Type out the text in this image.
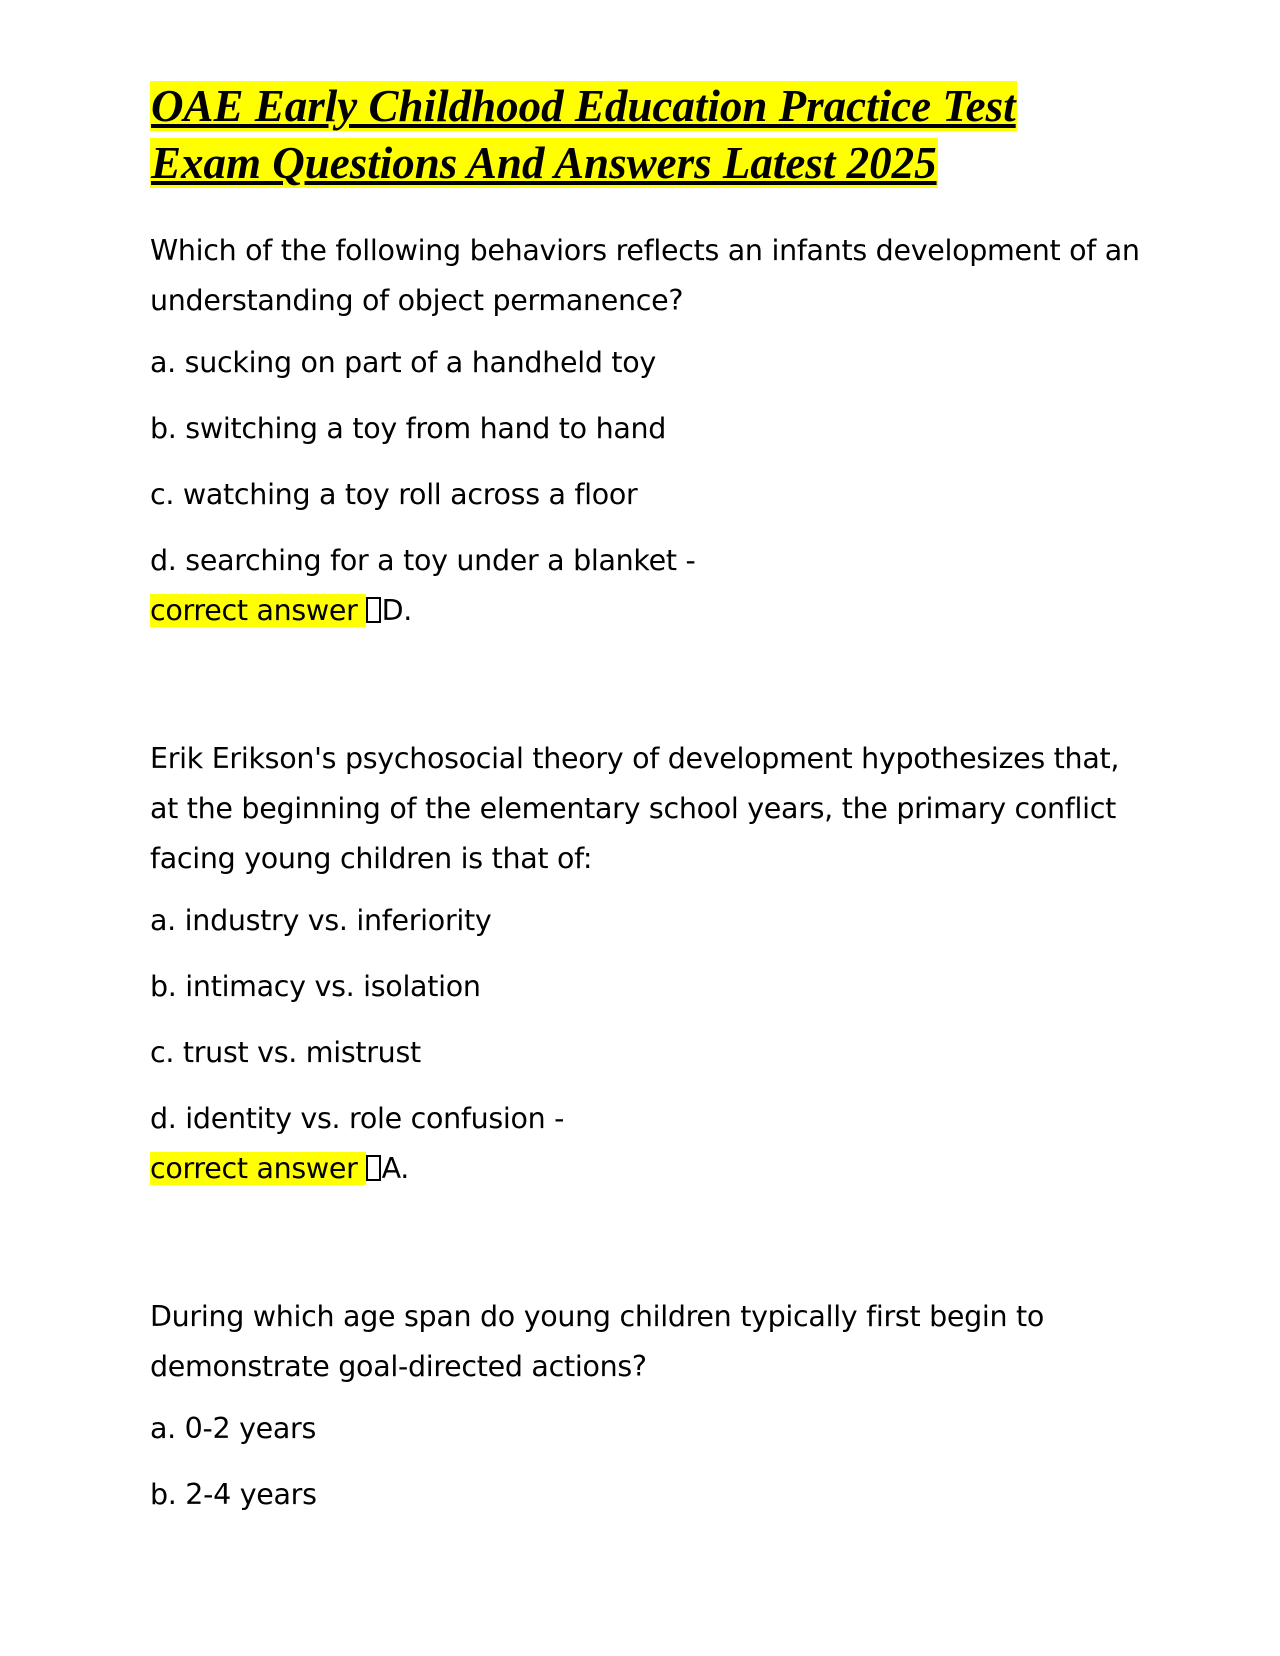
OAE Early Childhood Education Practice Test
Exam Questions And Answers Latest 2025

Which of the following behaviors reflects an infants development of an understanding of object permanence?

a. sucking on part of a handheld toy

b. switching a toy from hand to hand

c. watching a toy roll across a floor

d. searching for a toy under a blanket -

correct answer D.

Erik Erikson's psychosocial theory of development hypothesizes that, at the beginning of the elementary school years, the primary conflict facing young children is that of:

a. industry vs. inferiority

b. intimacy vs. isolation

c. trust vs. mistrust

d. identity vs. role confusion -

correct answer A.

During which age span do young children typically first begin to demonstrate goal-directed actions?

a. 0-2 years

b. 2-4 years
